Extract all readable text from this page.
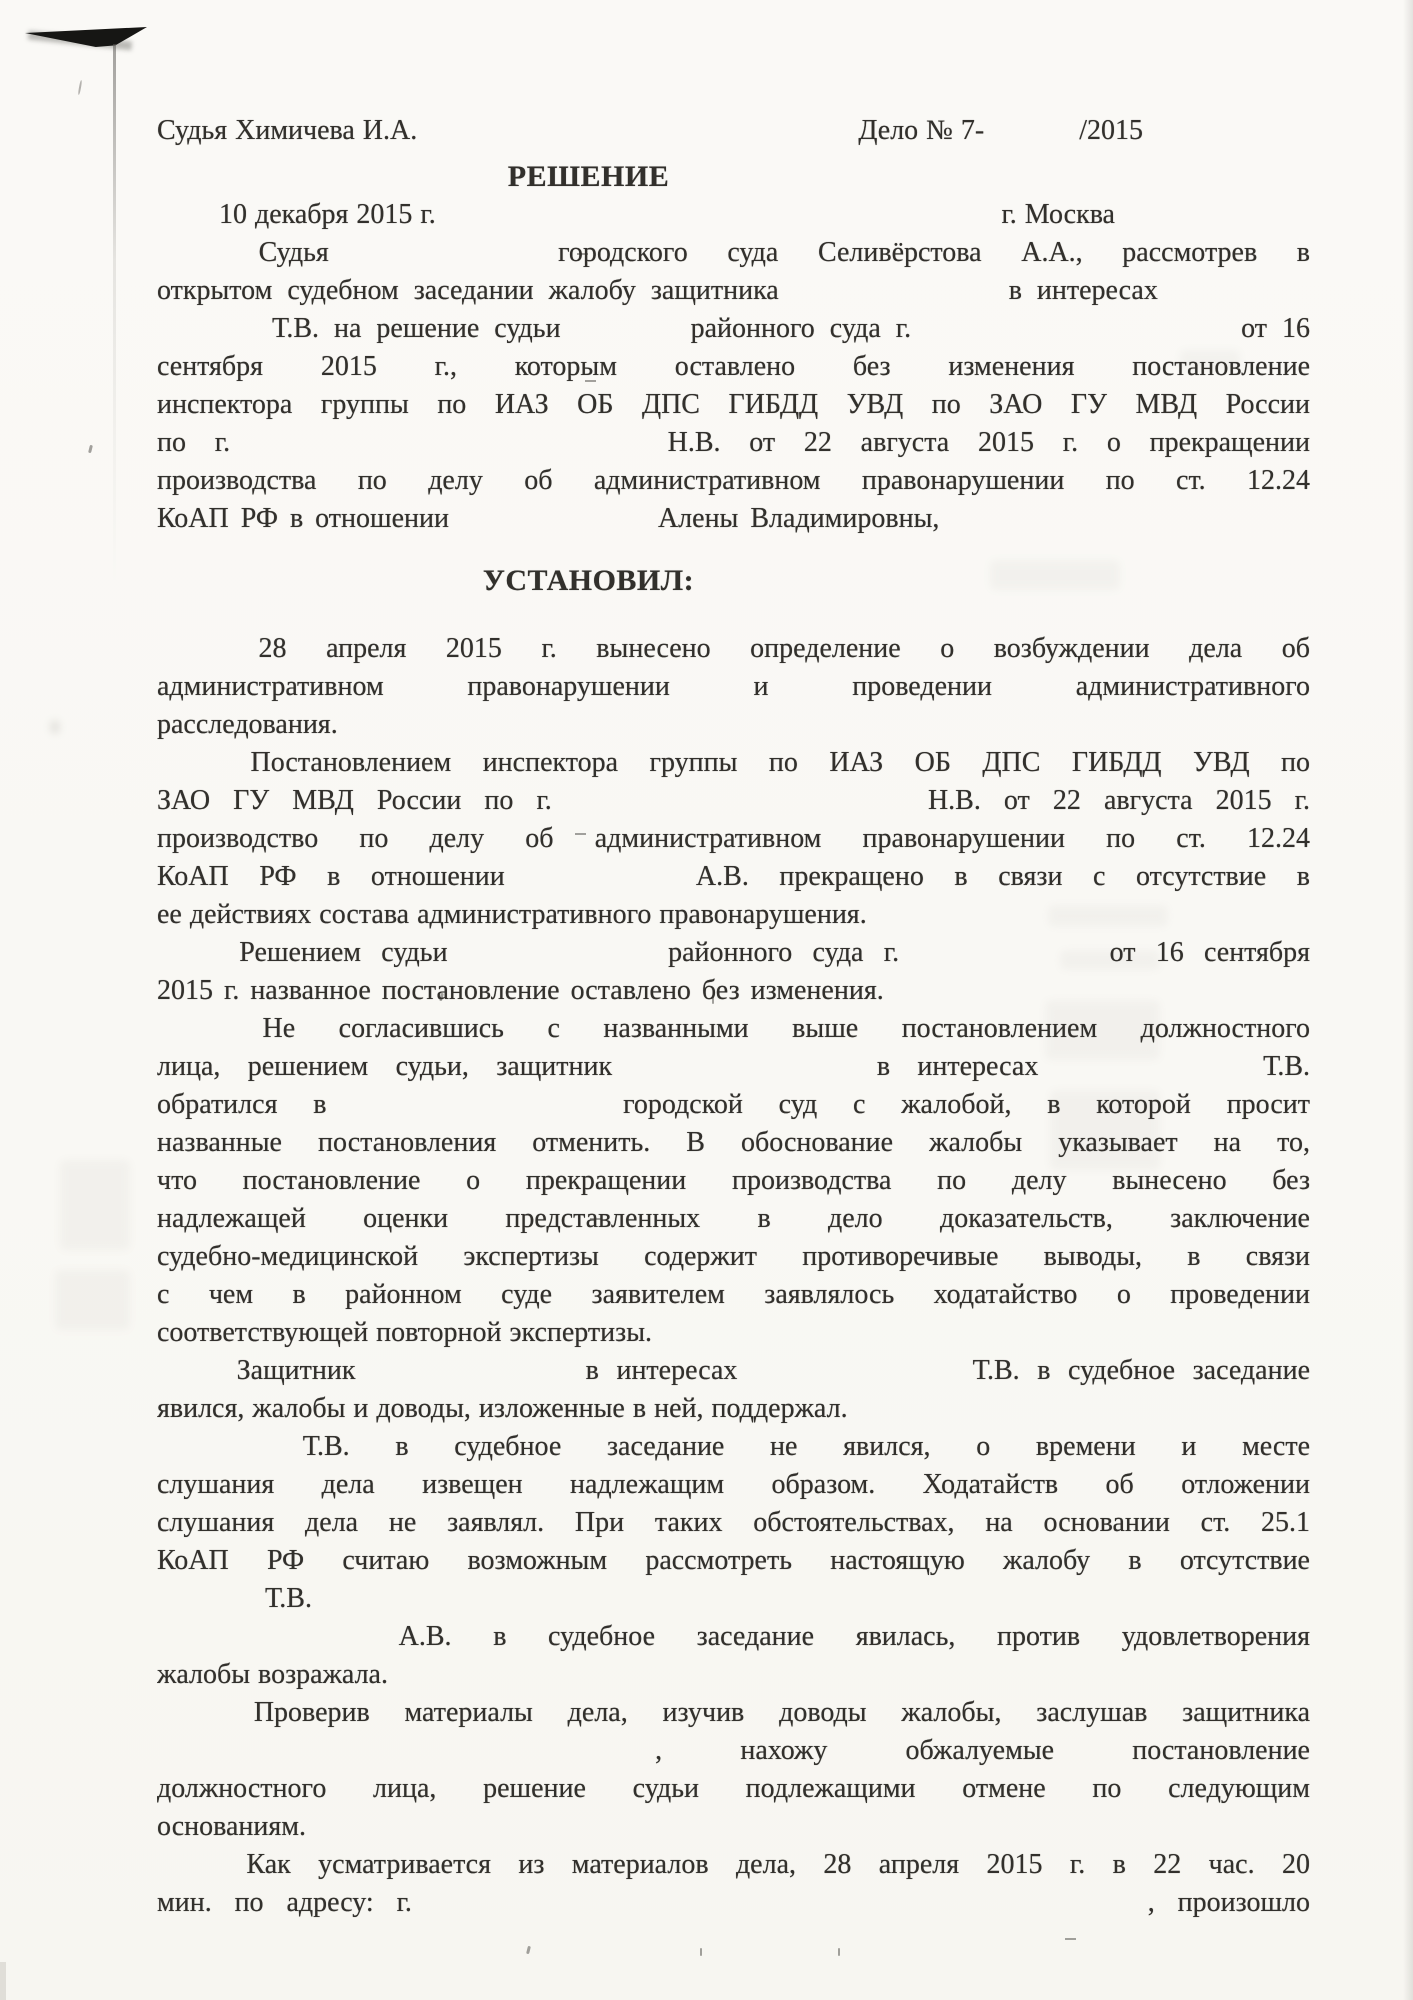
Судья Химичева И.А.	Дело № 7-	/2015
РЕШЕНИЕ
10 декабря 2015 г.	г. Москва
Судья	городского суда Селивёрстова А.А., рассмотрев в
открытом судебном заседании жалобу защитника	в интересах
Т.В. на решение судьи	районного суда г.	от 16
сентября 2015 г., которым оставлено без изменения постановление
инспектора группы по ИАЗ ОБ ДПС ГИБДД УВД по ЗАО ГУ МВД России
по г.	Н.В. от 22 августа 2015 г. о прекращении
производства по делу об административном правонарушении по ст. 12.24
КоАП РФ в отношении	Алены Владимировны,
УСТАНОВИЛ:
28 апреля 2015 г. вынесено определение о возбуждении дела об
административном правонарушении и проведении административного
расследования.
Постановлением инспектора группы по ИАЗ ОБ ДПС ГИБДД УВД по
ЗАО ГУ МВД России по г.	Н.В. от 22 августа 2015 г.
производство по делу об административном правонарушении по ст. 12.24
КоАП РФ в отношении	А.В. прекращено в связи с отсутствие в
ее действиях состава административного правонарушения.
Решением судьи	районного суда г.	от 16 сентября
2015 г. названное постановление оставлено без изменения.
Не согласившись с названными выше постановлением должностного
лица, решением судьи, защитник	в интересах	Т.В.
обратился в	городской суд с жалобой, в которой просит
названные постановления отменить. В обоснование жалобы указывает на то,
что постановление о прекращении производства по делу вынесено без
надлежащей оценки представленных в дело доказательств, заключение
судебно-медицинской экспертизы содержит противоречивые выводы, в связи
с чем в районном суде заявителем заявлялось ходатайство о проведении
соответствующей повторной экспертизы.
Защитник	в интересах	Т.В. в судебное заседание
явился, жалобы и доводы, изложенные в ней, поддержал.
Т.В. в судебное заседание не явился, о времени и месте
слушания дела извещен надлежащим образом. Ходатайств об отложении
слушания дела не заявлял. При таких обстоятельствах, на основании ст. 25.1
КоАП РФ считаю возможным рассмотреть настоящую жалобу в отсутствие
Т.В.
А.В. в судебное заседание явилась, против удовлетворения
жалобы возражала.
Проверив материалы дела, изучив доводы жалобы, заслушав защитника
, нахожу обжалуемые постановление
должностного лица, решение судьи подлежащими отмене по следующим
основаниям.
Как усматривается из материалов дела, 28 апреля 2015 г. в 22 час. 20
мин. по адресу: г.	, произошло
